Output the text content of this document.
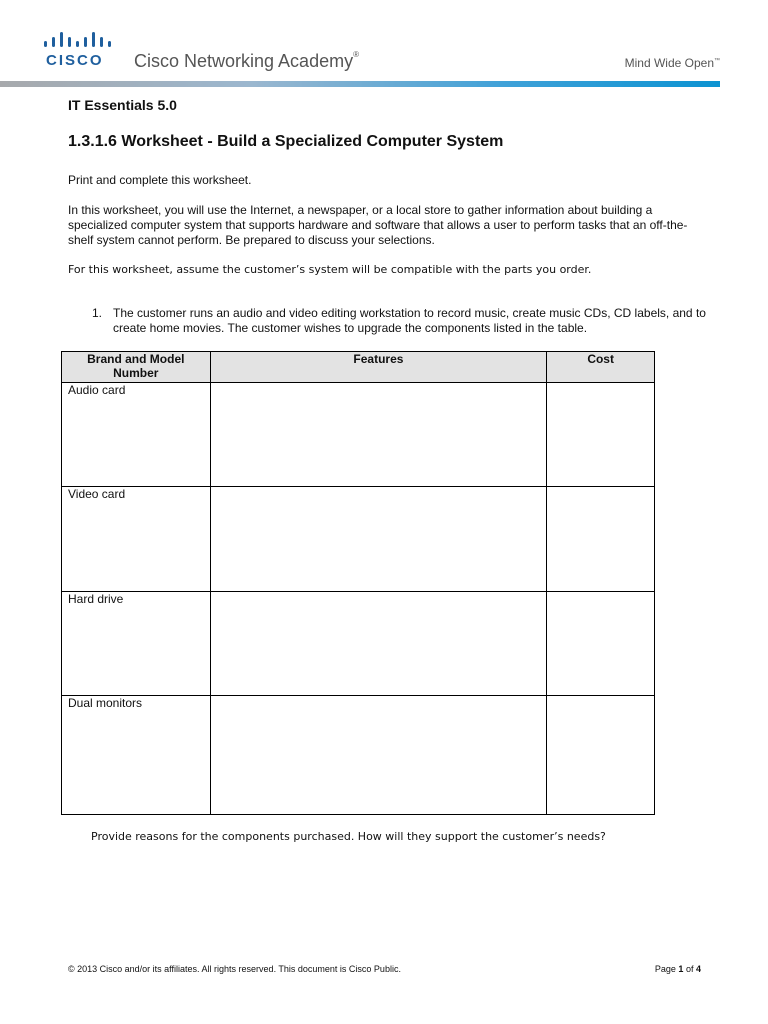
CISCO Cisco Networking Academy®
Mind Wide Open™
IT Essentials 5.0
1.3.1.6 Worksheet - Build a Specialized Computer System
Print and complete this worksheet.
In this worksheet, you will use the Internet, a newspaper, or a local store to gather information about building a specialized computer system that supports hardware and software that allows a user to perform tasks that an off-the-shelf system cannot perform. Be prepared to discuss your selections.
For this worksheet, assume the customer’s system will be compatible with the parts you order.
1. The customer runs an audio and video editing workstation to record music, create music CDs, CD labels, and to create home movies. The customer wishes to upgrade the components listed in the table.
Brand and Model Number	Features	Cost
Audio card		
Video card		
Hard drive		
Dual monitors		
Provide reasons for the components purchased. How will they support the customer’s needs?
© 2013 Cisco and/or its affiliates. All rights reserved. This document is Cisco Public.	Page 1 of 4
